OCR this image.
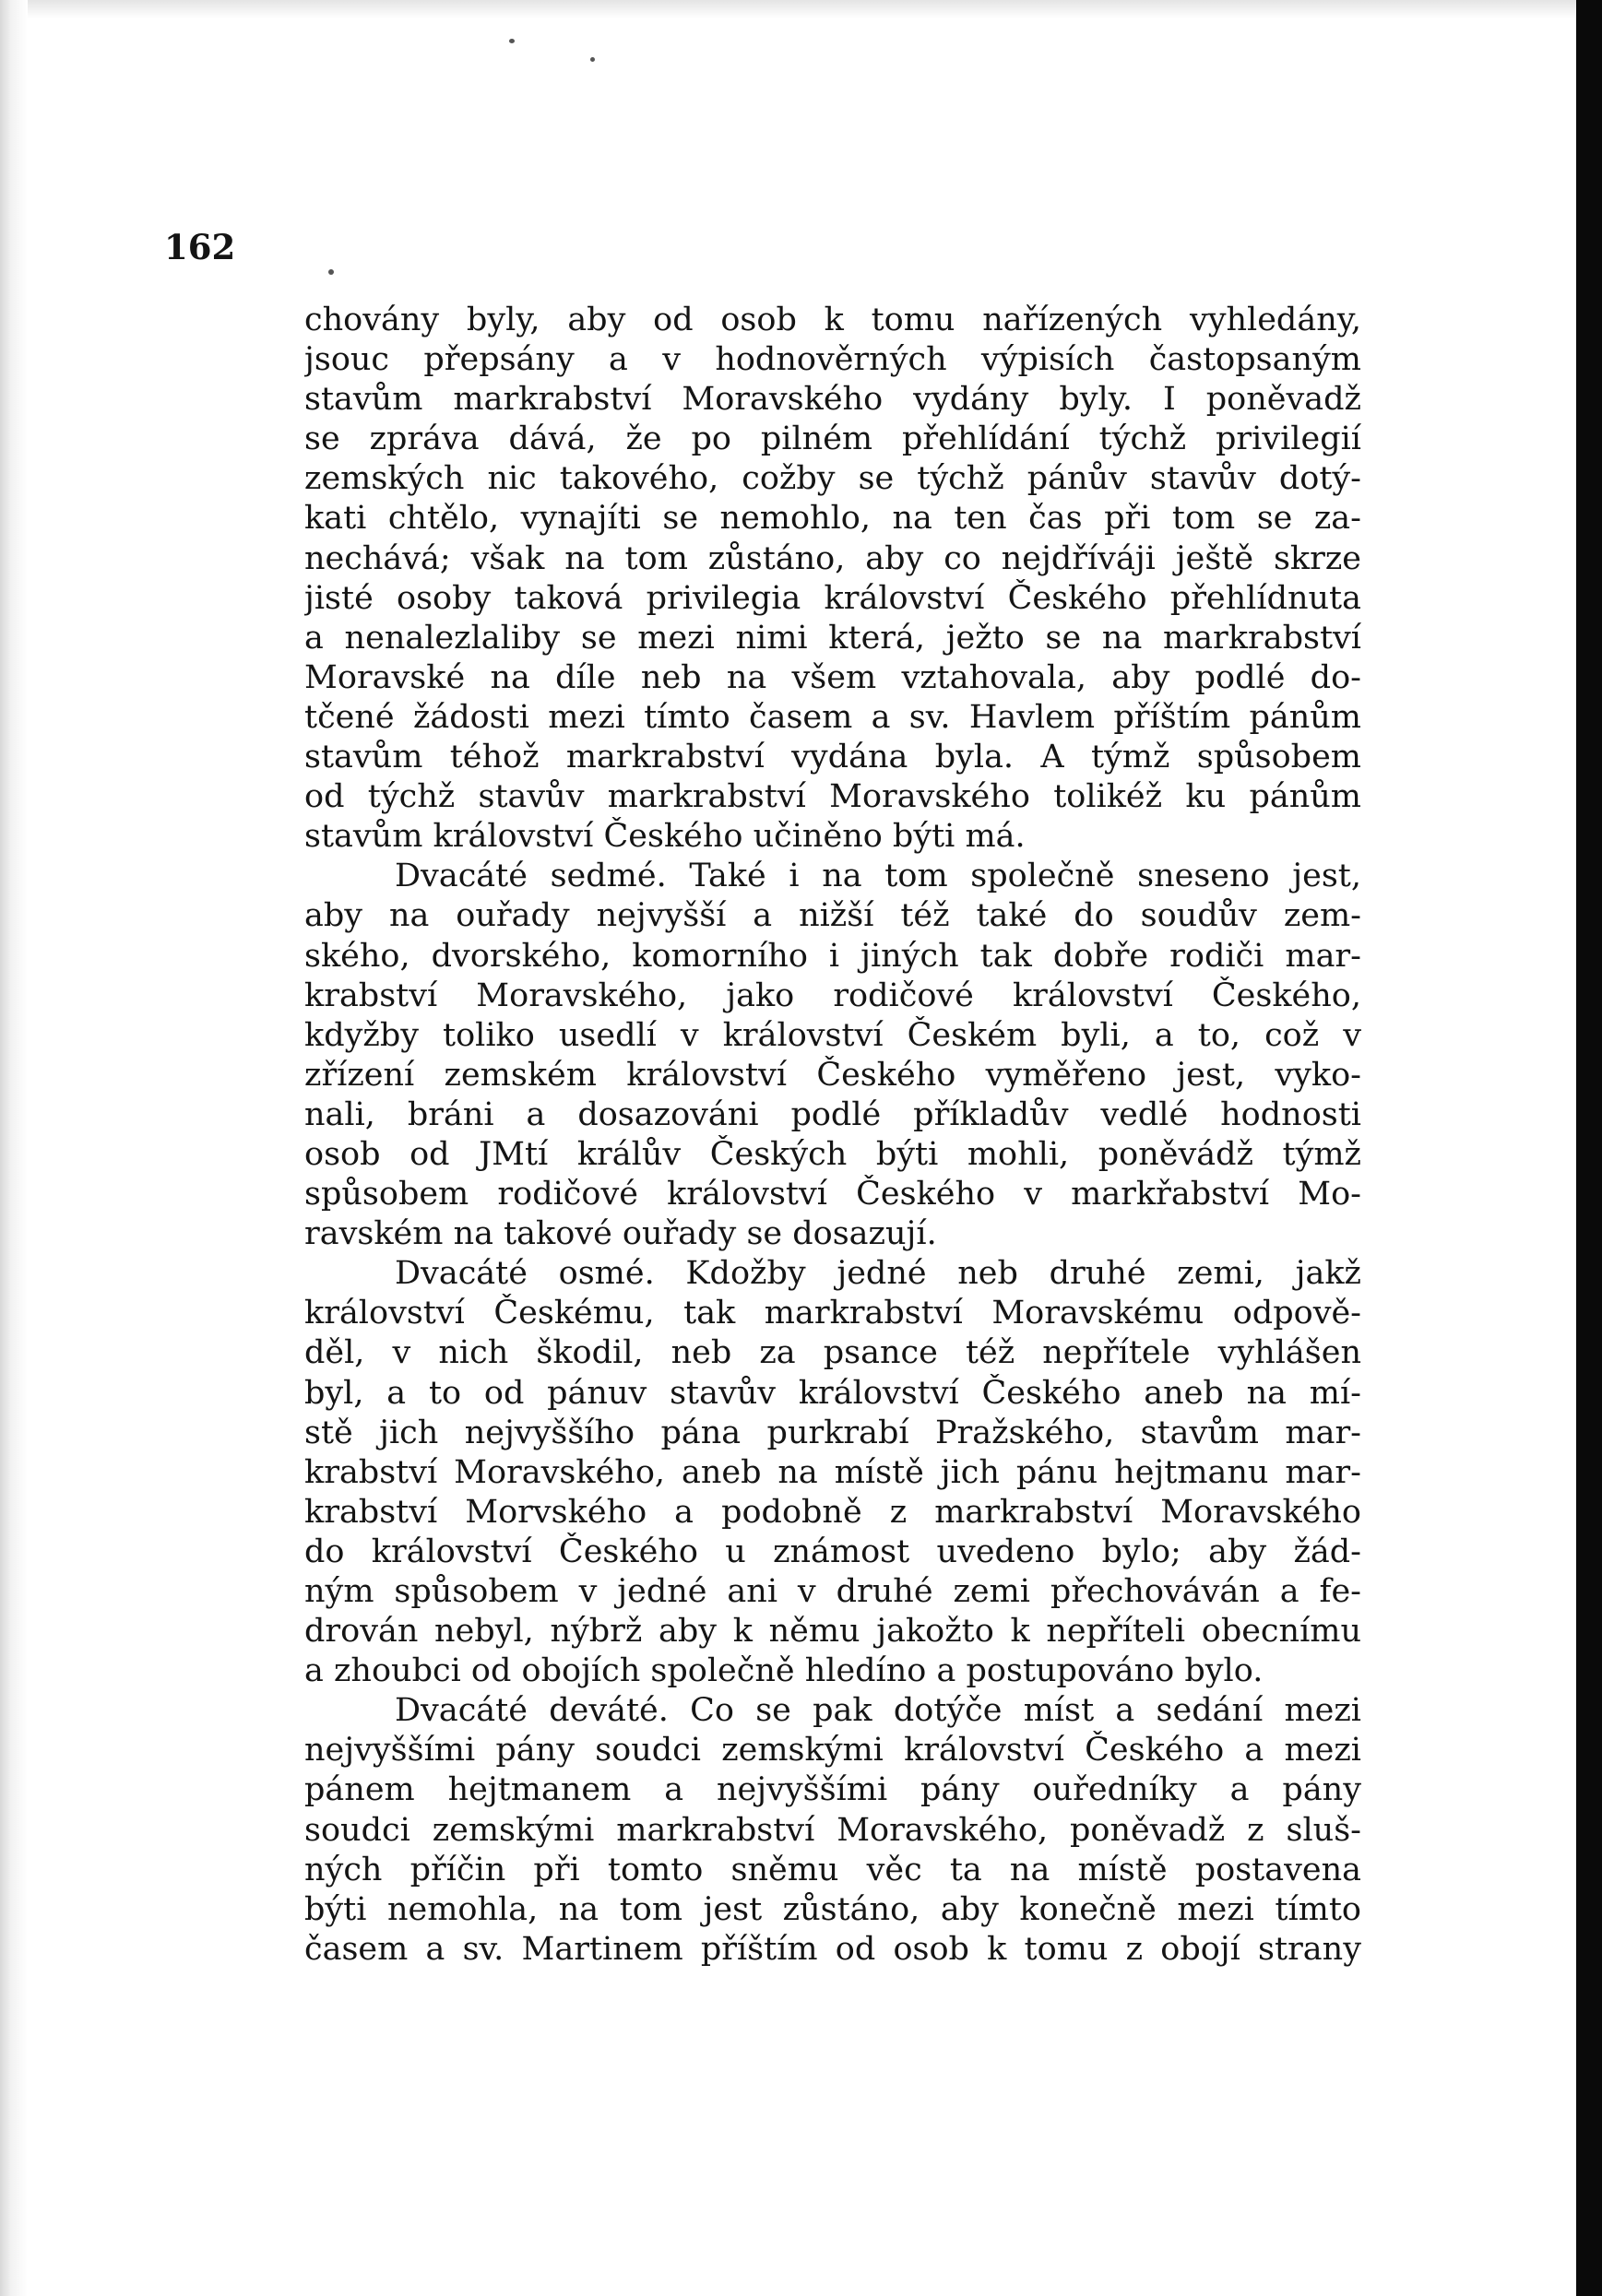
162
chovány byly, aby od osob k tomu nařízených vyhledány,
jsouc přepsány a v hodnověrných výpisích častopsaným
stavům markrabství Moravského vydány byly. I poněvadž
se zpráva dává, že po pilném přehlídání týchž privilegií
zemských nic takového, cožby se týchž pánův stavův dotý-
kati chtělo, vynajíti se nemohlo, na ten čas při tom se za-
nechává; však na tom zůstáno, aby co nejdříváji ještě skrze
jisté osoby taková privilegia království Českého přehlídnuta
a nenalezlaliby se mezi nimi která, ježto se na markrabství
Moravské na díle neb na všem vztahovala, aby podlé do-
tčené žádosti mezi tímto časem a sv. Havlem příštím pánům
stavům téhož markrabství vydána byla. A týmž spůsobem
od týchž stavův markrabství Moravského tolikéž ku pánům
stavům království Českého učiněno býti má.
Dvacáté sedmé. Také i na tom společně sneseno jest,
aby na ouřady nejvyšší a nižší též také do soudův zem-
ského, dvorského, komorního i jiných tak dobře rodiči mar-
krabství Moravského, jako rodičové království Českého,
kdyžby toliko usedlí v království Českém byli, a to, což v
zřízení zemském království Českého vyměřeno jest, vyko-
nali, bráni a dosazováni podlé příkladův vedlé hodnosti
osob od JMtí králův Českých býti mohli, poněvádž týmž
spůsobem rodičové království Českého v markřabství Mo-
ravském na takové ouřady se dosazují.
Dvacáté osmé. Kdožby jedné neb druhé zemi, jakž
království Českému, tak markrabství Moravskému odpově-
děl, v nich škodil, neb za psance též nepřítele vyhlášen
byl, a to od pánuv stavův království Českého aneb na mí-
stě jich nejvyššího pána purkrabí Pražského, stavům mar-
krabství Moravského, aneb na místě jich pánu hejtmanu mar-
krabství Morvského a podobně z markrabství Moravského
do království Českého u známost uvedeno bylo; aby žád-
ným spůsobem v jedné ani v druhé zemi přechováván a fe-
drován nebyl, nýbrž aby k němu jakožto k nepříteli obecnímu
a zhoubci od obojích společně hledíno a postupováno bylo.
Dvacáté deváté. Co se pak dotýče míst a sedání mezi
nejvyššími pány soudci zemskými království Českého a mezi
pánem hejtmanem a nejvyššími pány ouředníky a pány
soudci zemskými markrabství Moravského, poněvadž z sluš-
ných příčin při tomto sněmu věc ta na místě postavena
býti nemohla, na tom jest zůstáno, aby konečně mezi tímto
časem a sv. Martinem příštím od osob k tomu z obojí strany
